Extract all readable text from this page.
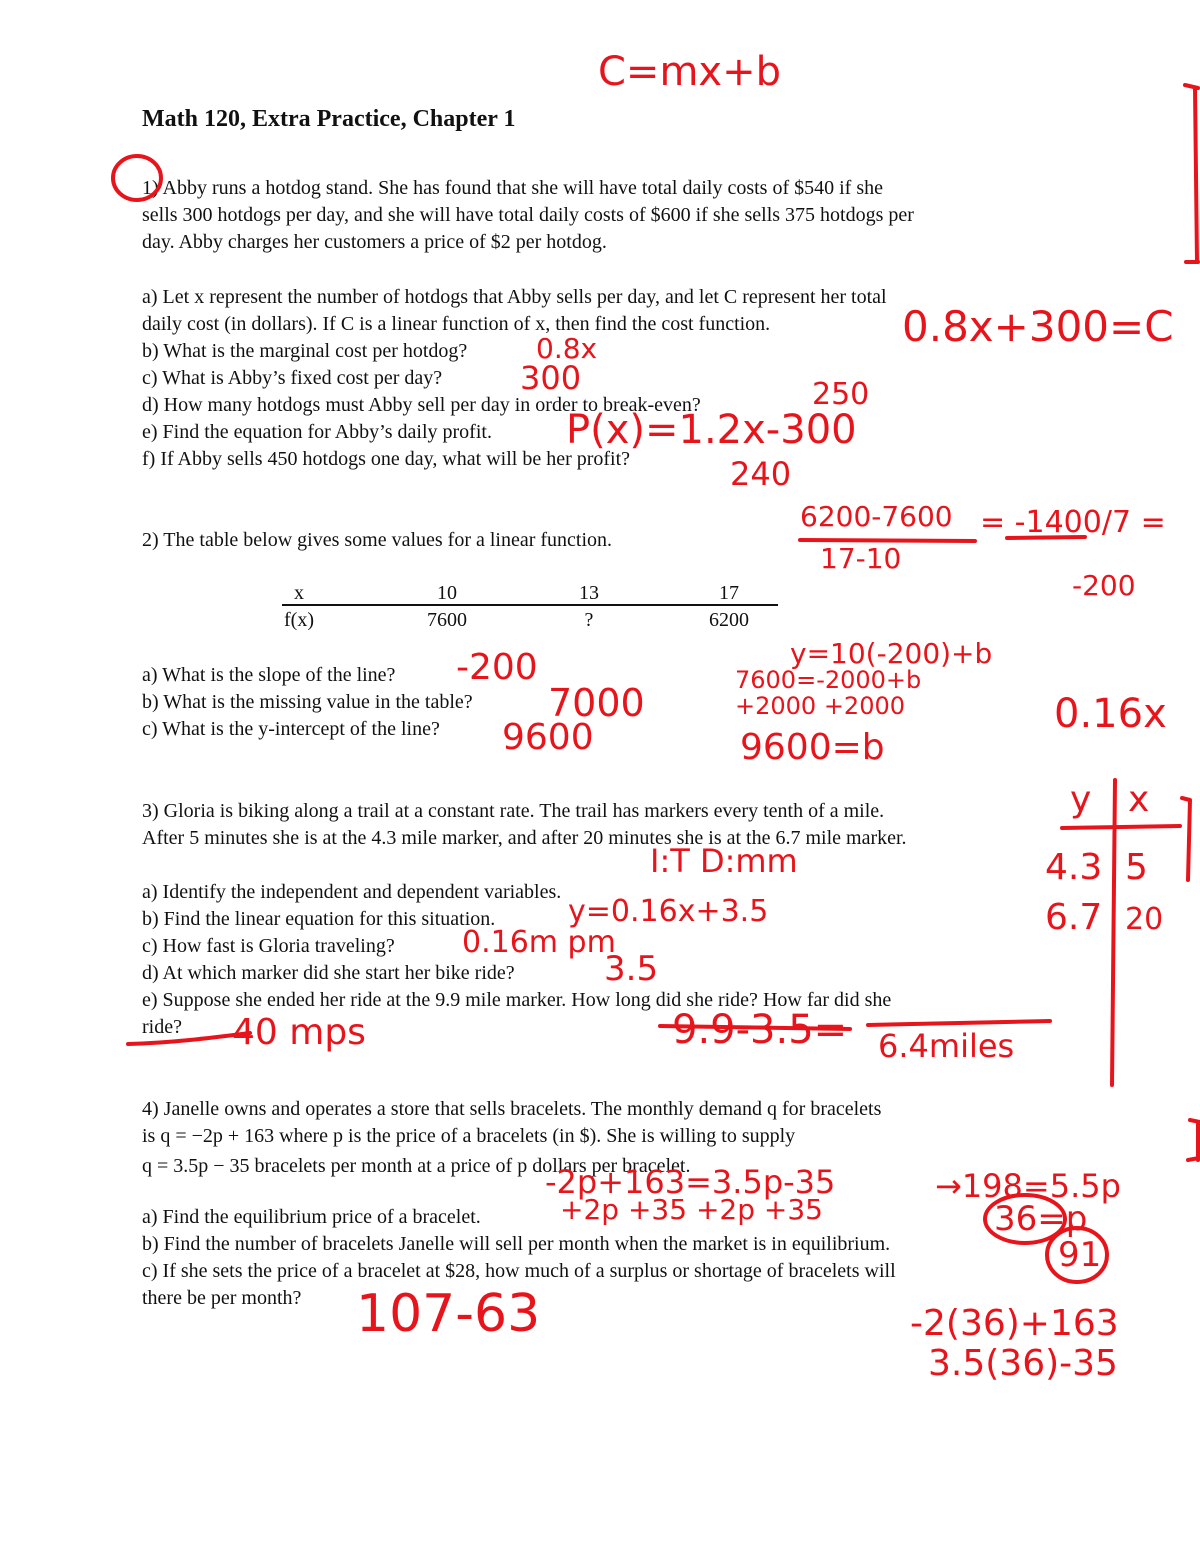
Math 120, Extra Practice, Chapter 1
1) Abby runs a hotdog stand. She has found that she will have total daily costs of $540 if she
sells 300 hotdogs per day, and she will have total daily costs of $600 if she sells 375 hotdogs per
day. Abby charges her customers a price of $2 per hotdog.
a) Let x represent the number of hotdogs that Abby sells per day, and let C represent her total
daily cost (in dollars). If C is a linear function of x, then find the cost function.
b) What is the marginal cost per hotdog?
c) What is Abby’s fixed cost per day?
d) How many hotdogs must Abby sell per day in order to break-even?
e) Find the equation for Abby’s daily profit.
f) If Abby sells 450 hotdogs one day, what will be her profit?
2) The table below gives some values for a linear function.
x	10	13	17
f(x)	7600	?	6200
a) What is the slope of the line?
b) What is the missing value in the table?
c) What is the y-intercept of the line?
3) Gloria is biking along a trail at a constant rate. The trail has markers every tenth of a mile.
After 5 minutes she is at the 4.3 mile marker, and after 20 minutes she is at the 6.7 mile marker.
a) Identify the independent and dependent variables.
b) Find the linear equation for this situation.
c) How fast is Gloria traveling?
d) At which marker did she start her bike ride?
e) Suppose she ended her ride at the 9.9 mile marker. How long did she ride? How far did she
ride?
4) Janelle owns and operates a store that sells bracelets. The monthly demand q for bracelets
is q = −2p + 163 where p is the price of a bracelets (in $). She is willing to supply
q = 3.5p − 35 bracelets per month at a price of p dollars per bracelet.
a) Find the equilibrium price of a bracelet.
b) Find the number of bracelets Janelle will sell per month when the market is in equilibrium.
c) If she sets the price of a bracelet at $28, how much of a surplus or shortage of bracelets will
there be per month?
C=mx+b
0.8x+300=C
0.8x
300	250
P(x)=1.2x-300
240
6200-7600
17-10
= -1400/7 =
-200
-200
7000
9600
y=10(-200)+b
7600=-2000+b
+2000 +2000
9600=b
0.16x
y x
4.3 5
6.7 20
I:T D:mm
y=0.16x+3.5
0.16m pm
3.5
40 mps	9.9-3.5= 6.4miles
-2p+163=3.5p-35
+2p +35 +2p +35
→198=5.5p
36=p
91
107-63	-2(36)+163
3.5(36)-35
